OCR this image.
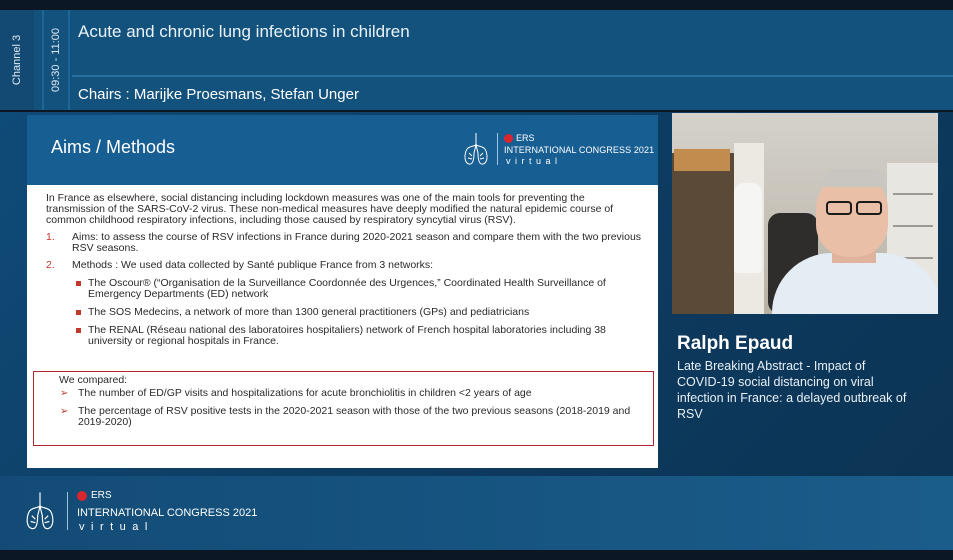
Channel 3 09:30 - 11:00 Acute and chronic lung infections in children
Chairs : Marijke Proesmans, Stefan Unger
Aims / Methods	ERS
INTERNATIONAL CONGRESS 2021
virtual
In France as elsewhere, social distancing including lockdown measures was one of the main tools for preventing the transmission of the SARS-CoV-2 virus. These non-medical measures have deeply modified the natural epidemic course of common childhood respiratory infections, including those caused by respiratory syncytial virus (RSV).
1. Aims: to assess the course of RSV infections in France during 2020-2021 season and compare them with the two previous RSV seasons.
2. Methods : We used data collected by Santé publique France from 3 networks:
The Oscour® (“Organisation de la Surveillance Coordonnée des Urgences,” Coordinated Health Surveillance of Emergency Departments (ED) network
The SOS Medecins, a network of more than 1300 general practitioners (GPs) and pediatricians
The RENAL (Réseau national des laboratoires hospitaliers) network of French hospital laboratories including 38 university or regional hospitals in France.
We compared:
➢ The number of ED/GP visits and hospitalizations for acute bronchiolitis in children <2 years of age
➢ The percentage of RSV positive tests in the 2020-2021 season with those of the two previous seasons (2018-2019 and 2019-2020)
Ralph Epaud
Late Breaking Abstract - Impact of COVID-19 social distancing on viral infection in France: a delayed outbreak of RSV
ERS
INTERNATIONAL CONGRESS 2021
virtual
